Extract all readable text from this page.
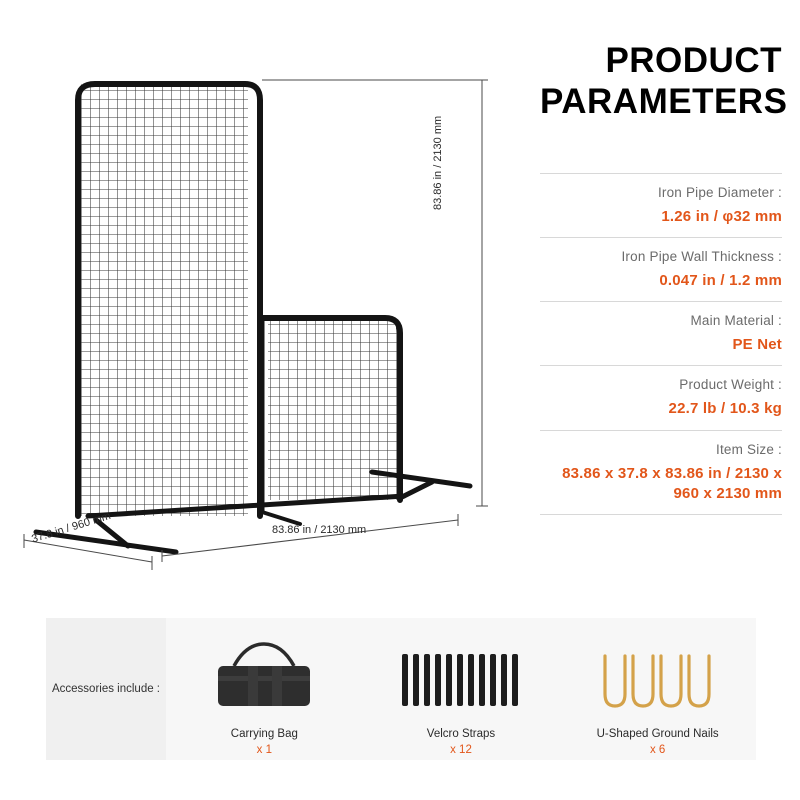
83.86 in / 2130 mm
83.86 in / 2130 mm
37.8 in / 960 mm
PRODUCT
PARAMETERS
Iron Pipe Diameter :
1.26 in / φ32 mm
Iron Pipe Wall Thickness :
0.047 in / 1.2 mm
Main Material :
PE Net
Product Weight :
22.7 lb / 10.3 kg
Item Size :
83.86 x 37.8 x 83.86 in / 2130 x 960 x 2130 mm
Accessories include :
Carrying Bag
x 1
Velcro Straps
x 12
U-Shaped Ground Nails
x 6
